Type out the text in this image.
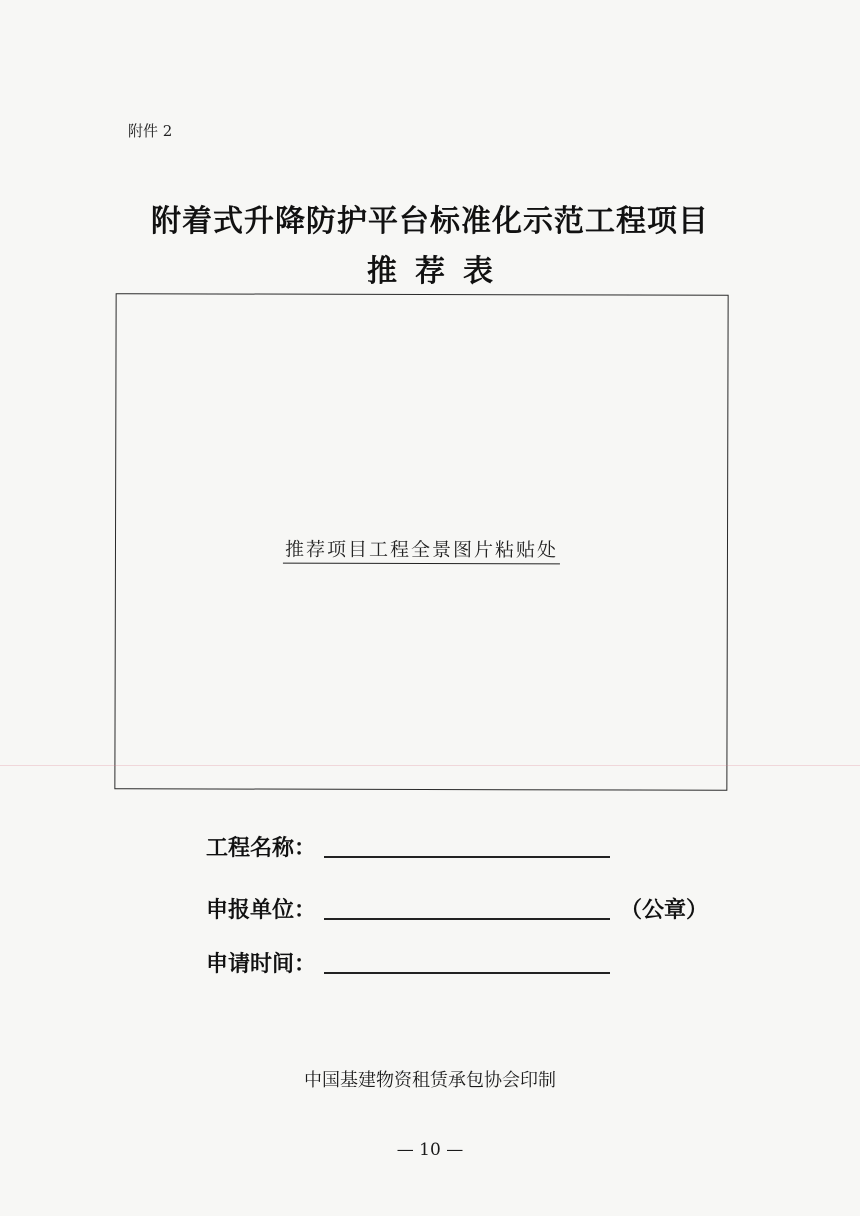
附件 2
附着式升降防护平台标准化示范工程项目
推荐表
推荐项目工程全景图片粘贴处
工程名称：
申报单位：	（公章）
申请时间：
中国基建物资租赁承包协会印制
— 10 —
